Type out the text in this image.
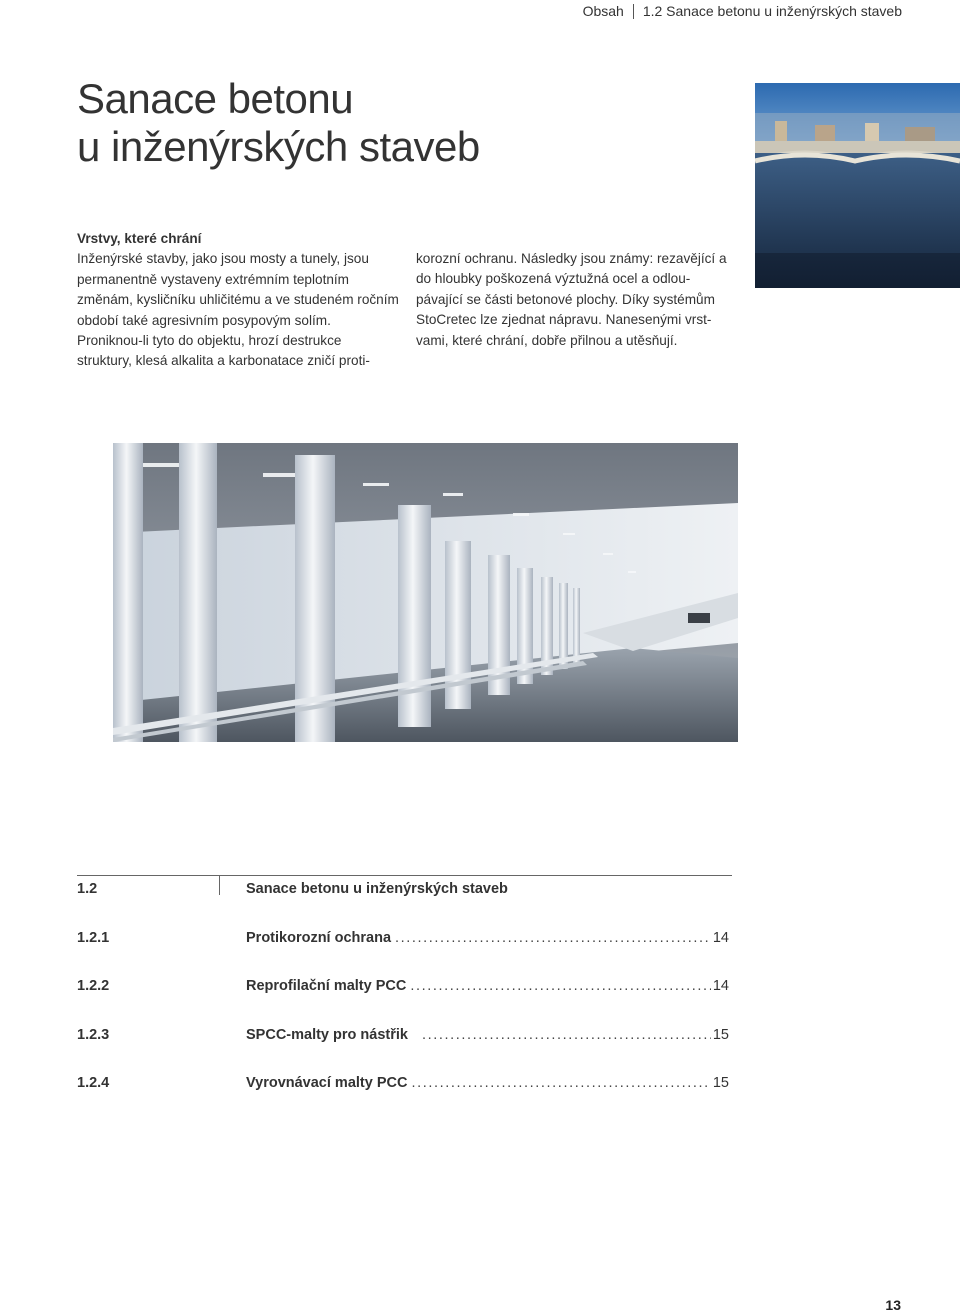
Obsah 1.2 Sanace betonu u inženýrských staveb
Sanace betonu
u inženýrských staveb
Vrstvy, které chrání
Inženýrské stavby, jako jsou mosty a tunely, jsou permanentně vystaveny extrémním teplotním změnám, kysličníku uhličitému a ve studeném ročním období také agresivním posypovým solím. Proniknou-li tyto do objektu, hrozí destrukce struktury, klesá alkalita a karbonatace zničí proti-
korozní ochranu. Následky jsou známy: rezavějící a do hloubky poškozená výztužná ocel a odlou-pávající se části betonové plochy. Díky systémům StoCretec lze zjednat nápravu. Nanesenými vrst-vami, které chrání, dobře přilnou a utěsňují.
1.2	Sanace betonu u inženýrských staveb
1.2.1	Protikorozní ochrana .....	14
1.2.2	Reprofilační malty PCC .....	14
1.2.3	SPCC-malty pro nástřik .....	15
1.2.4	Vyrovnávací malty PCC .....	15
13
